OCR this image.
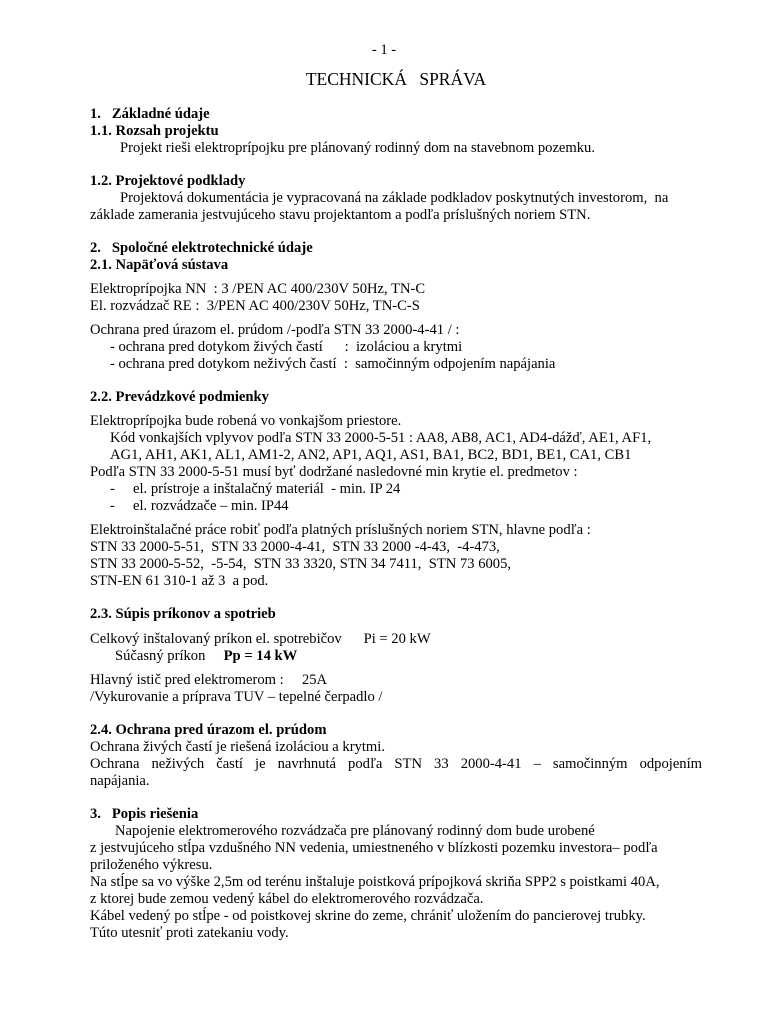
- 1 -
TECHNICKÁ SPRÁVA
1.   Základné údaje
1.1. Rozsah projektu
Projekt rieši elektroprípojku pre plánovaný rodinný dom na stavebnom pozemku.
1.2. Projektové podklady
Projektová dokumentácia je vypracovaná na základe podkladov poskytnutých investorom,  na
základe zamerania jestvujúceho stavu projektantom a podľa príslušných noriem STN.
2.   Spoločné elektrotechnické údaje
2.1. Napäťová sústava
Elektroprípojka NN  : 3 /PEN AC 400/230V 50Hz, TN-C
El. rozvádzač RE :  3/PEN AC 400/230V 50Hz, TN-C-S
Ochrana pred úrazom el. prúdom /-podľa STN 33 2000-4-41 / :
- ochrana pred dotykom živých častí      :  izoláciou a krytmi
- ochrana pred dotykom neživých častí  :  samočinným odpojením napájania
2.2. Prevádzkové podmienky
Elektroprípojka bude robená vo vonkajšom priestore.
Kód vonkajších vplyvov podľa STN 33 2000-5-51 : AA8, AB8, AC1, AD4-dážď, AE1, AF1,
AG1, AH1, AK1, AL1, AM1-2, AN2, AP1, AQ1, AS1, BA1, BC2, BD1, BE1, CA1, CB1
Podľa STN 33 2000-5-51 musí byť dodržané nasledovné min krytie el. predmetov :
- el. prístroje a inštalačný materiál  - min. IP 24
- el. rozvádzače – min. IP44
Elektroinštalačné práce robiť podľa platných príslušných noriem STN, hlavne podľa :
STN 33 2000-5-51,  STN 33 2000-4-41,  STN 33 2000 -4-43,  -4-473,
STN 33 2000-5-52,  -5-54,  STN 33 3320, STN 34 7411,  STN 73 6005,
STN-EN 61 310-1 až 3  a pod.
2.3. Súpis príkonov a spotrieb
Celkový inštalovaný príkon el. spotrebičov      Pi = 20 kW
Súčasný príkon     Pp = 14 kW
Hlavný istič pred elektromerom :     25A
/Vykurovanie a príprava TUV – tepelné čerpadlo /
2.4. Ochrana pred úrazom el. prúdom
Ochrana živých častí je riešená izoláciou a krytmi.
Ochrana neživých častí je navrhnutá podľa STN 33 2000-4-41 – samočinným odpojením
napájania.
3.   Popis riešenia
Napojenie elektromerového rozvádzača pre plánovaný rodinný dom bude urobené
z jestvujúceho stĺpa vzdušného NN vedenia, umiestneného v blízkosti pozemku investora– podľa
priloženého výkresu.
Na stĺpe sa vo výške 2,5m od terénu inštaluje poistková prípojková skriňa SPP2 s poistkami 40A,
z ktorej bude zemou vedený kábel do elektromerového rozvádzača.
Kábel vedený po stĺpe - od poistkovej skrine do zeme, chrániť uložením do pancierovej trubky.
Túto utesniť proti zatekaniu vody.
